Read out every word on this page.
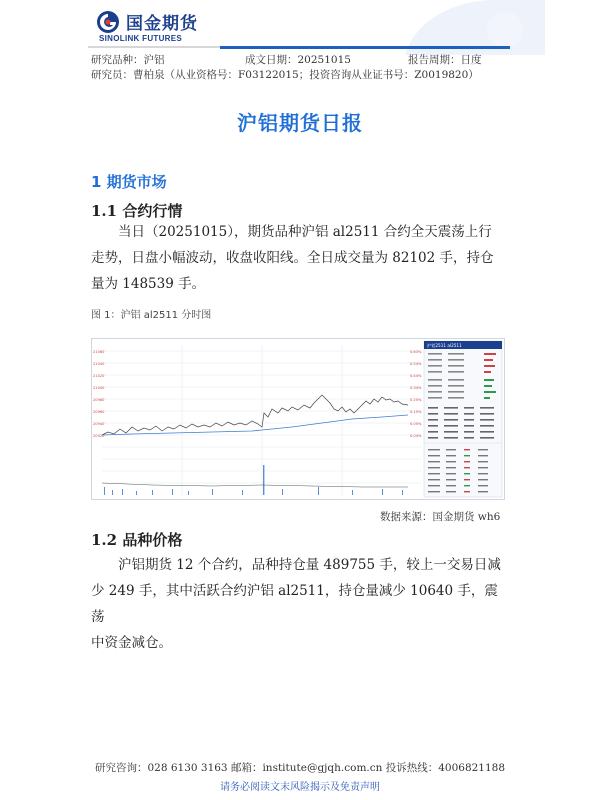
国金期货
SINOLINK FUTURES
研究品种：沪铝	成文日期：20251015	报告周期：日度
研究员：曹柏泉（从业资格号：F03122015；投资咨询从业证书号：Z0019820）
沪铝期货日报
1 期货市场
1.1 合约行情
当日（20251015），期货品种沪铝 al2511 合约全天震荡上行
走势，日盘小幅波动，收盘收阳线。全日成交量为 82102 手，持仓
量为 148539 手。
图 1：沪铝 al2511 分时图
21060
21040
21020
21000
20980
20960
20940
20920
0.63%
0.54%
0.44%
0.34%
0.25%
0.15%
0.05%
0.04%
沪铝2511 al2511
数据来源：国金期货 wh6
1.2 品种价格
沪铝期货 12 个合约，品种持仓量 489755 手，较上一交易日减
少 249 手，其中活跃合约沪铝 al2511，持仓量减少 10640 手，震荡
中资金减仓。
研究咨询：028 6130 3163 邮箱：institute@gjqh.com.cn 投诉热线：4006821188
请务必阅读文末风险揭示及免责声明
